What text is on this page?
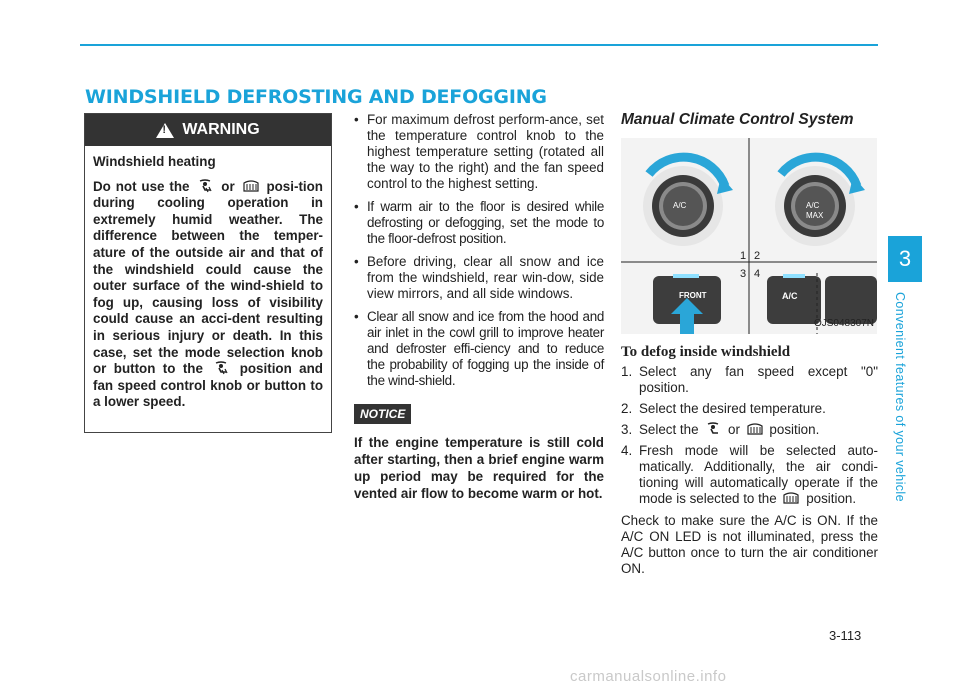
WINDSHIELD DEFROSTING AND DEFOGGING
!
WARNING

Windshield heating

Do not use the or posi-tion during cooling operation in extremely humid weather. The difference between the temper-ature of the outside air and that of the windshield could cause the outer surface of the wind-shield to fog up, causing loss of visibility could cause an acci-dent resulting in serious injury or death. In this case, set the mode selection knob or button to the	position and fan speed control knob or button to a lower speed.

• For maximum defrost perform-ance, set the temperature control knob to the highest temperature setting (rotated all the way to the right) and the fan speed control to the highest setting.
• If warm air to the floor is desired while defrosting or defogging, set the mode to the floor-defrost position.
• Before driving, clear all snow and ice from the windshield, rear win-dow, side view mirrors, and all side windows.
• Clear all snow and ice from the hood and air inlet in the cowl grill to improve heater and defroster effi-ciency and to reduce the probability of fogging up the inside of the wind-shield.
NOTICE
If the engine temperature is still cold after starting, then a brief engine warm up period may be required for the vented air flow to become warm or hot.
Manual Climate Control System
A/C	A/C
MAX
FRONT	A/C
1 2
3 4
OJS048307N
To defog inside windshield
1. Select any fan speed except "0" position.
2. Select the desired temperature.
3. Select the or position.
4. Fresh mode will be selected auto-matically. Additionally, the air condi-tioning will automatically operate if the mode is selected to the position.

Check to make sure the A/C is ON. If the A/C ON LED is not illuminated, press the A/C button once to turn the air conditioner ON.

3
Convenient features of your vehicle
3-113
carmanualsonline.info
